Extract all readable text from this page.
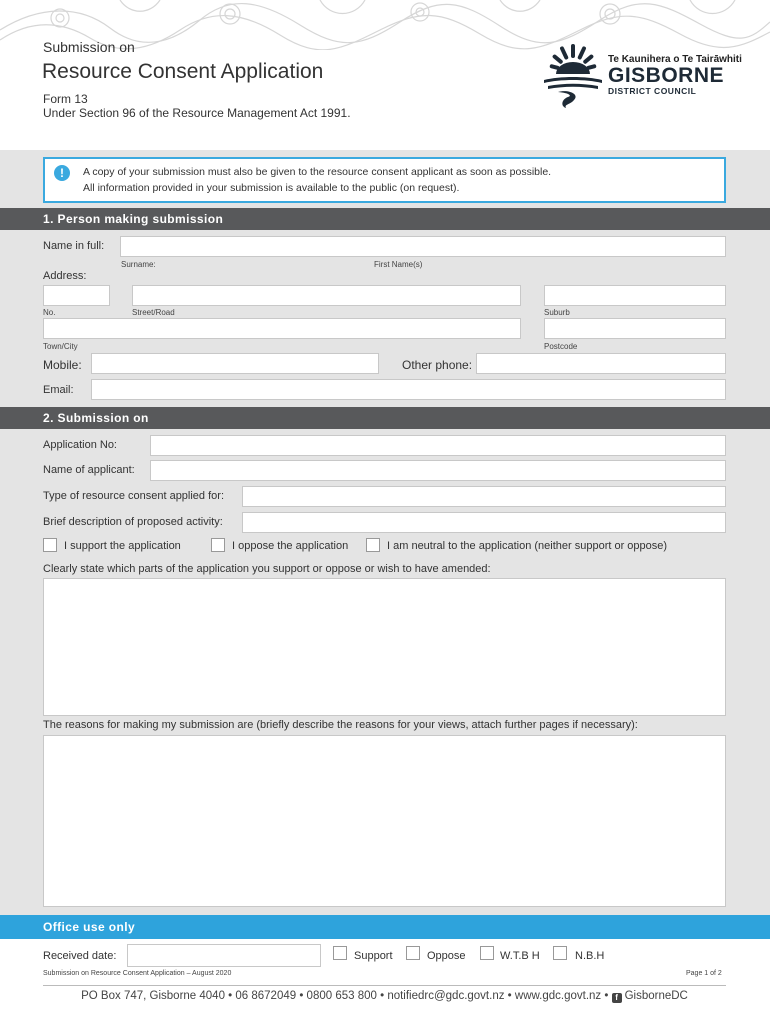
Submission on
Resource Consent Application
Form 13
Under Section 96 of the Resource Management Act 1991.
Te Kaunihera o Te Tairāwhiti
GISBORNE
DISTRICT COUNCIL
!	A copy of your submission must also be given to the resource consent applicant as soon as possible.
All information provided in your submission is available to the public (on request).
1. Person making submission
Name in full:
Surname:	First Name(s)
Address:
No.	Street/Road	Suburb
Town/City	Postcode
Mobile:	Other phone:
Email:
2. Submission on
Application No:
Name of applicant:
Type of resource consent applied for:
Brief description of proposed activity:
I support the application	I oppose the application	I am neutral to the application (neither support or oppose)
Clearly state which parts of the application you support or oppose or wish to have amended:
The reasons for making my submission are (briefly describe the reasons for your views, attach further pages if necessary):
Office use only
Received date:	Support	Oppose	W.T.B H	N.B.H
Submission on Resource Consent Application – August 2020	Page 1 of 2
PO Box 747, Gisborne 4040 • 06 8672049 • 0800 653 800 • notifiedrc@gdc.govt.nz • www.gdc.govt.nz • f GisborneDC
